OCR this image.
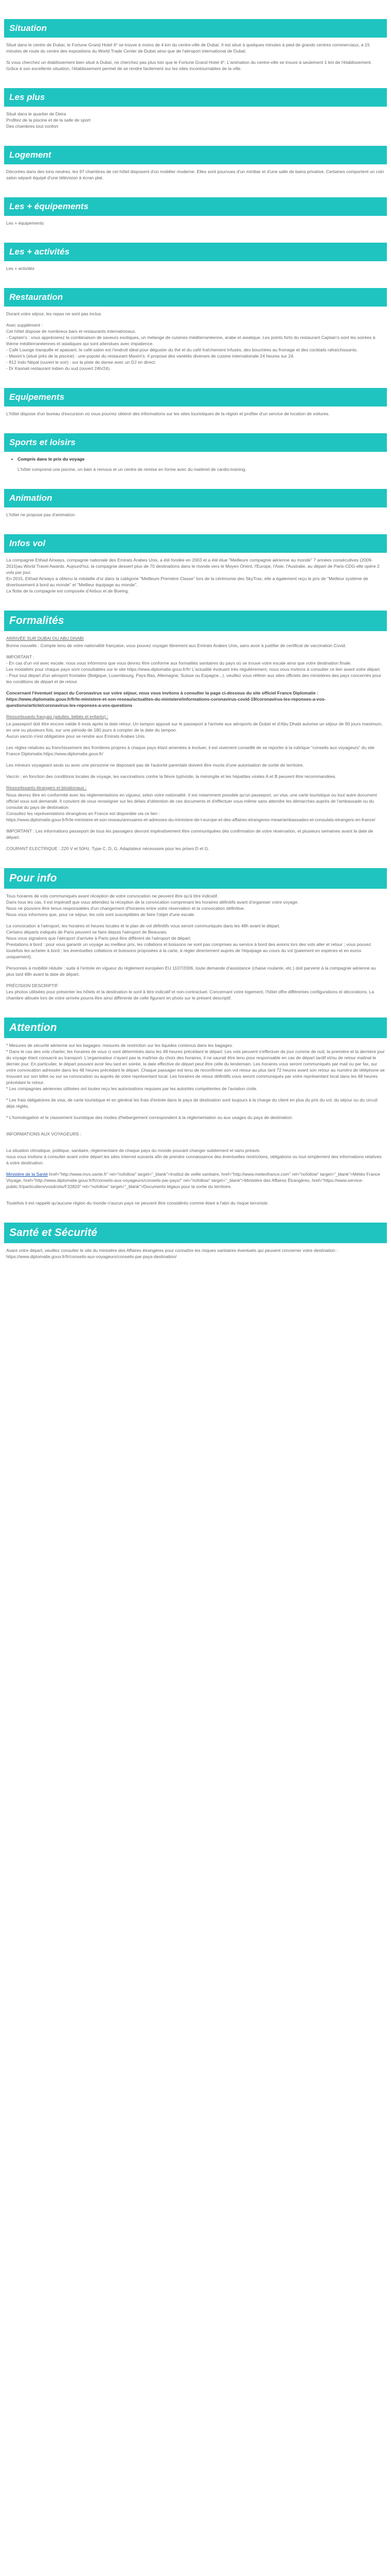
Situation

Situé dans le centre de Dubaï, le Fortune Grand Hotel 4* se trouve à moins de 4 km du centre-ville de Dubaï. Il est situé à quelques minutes à pied de grands centres commerciaux, à 15 minutes de route du centre des expositions du World Trade Center de Dubaï ainsi que de l'aéroport international de Dubaï.

Si vous cherchez un établissement bien situé à Dubaï, ne cherchez pas plus loin que le Fortune Grand Hotel 4*. L'animation du centre-ville se trouve à seulement 1 km de l'établissement. Grâce à son excellente situation, l'établissement permet de se rendre facilement sur les sites incontournables de la ville.

Les plus
Situé dans le quartier de Deira
Profitez de la piscine et de la salle de sport
Des chambres tout confort
Logement

Décorées dans des tons neutres, les 97 chambres de cet hôtel disposent d'un mobilier moderne. Elles sont pourvues d'un minibar et d'une salle de bains privative. Certaines comportent un coin salon séparé équipé d'une télévision à écran plat.

Les + équipements

Les + équipements

Les + activités

Les + activités

Restauration

Durant votre séjour, les repas ne sont pas inclus.

Avec supplément :
Cet hôtel dispose de nombreux bars et restaurants internationaux.
- Captain's : vous apprécierez la combinaison de saveurs exotiques, un mélange de cuisines méditerranéenne, arabe et asiatique. Les points forts du restaurant Captain's sont les soirées à thème méditerranéennes et asiatiques qui sont attendues avec impatience.
- Café Lounge tranquille et apaisant, le café-salon est l'endroit idéal pour déguster du thé et du café fraîchement infusés, des bouchées au fromage et des cocktails rafraîchissants.
- Maxim's (situé près de la piscine) : une popote du restaurant Maxim's. Il propose des variétés diverses de cuisine internationale 24 heures sur 24.
- 812 Indo Népal (ouvert le soir) : sur la piste de danse avec un DJ en direct.
- Dr Kasnali restaurant indien du sud (ouvert 24h/24).

Equipements

L'hôtel dispose d'un bureau d'excursion où vous pourrez obtenir des informations sur les sites touristiques de la région et profiter d'un service de location de voitures.

Sports et loisirs
• Compris dans le prix du voyage

L'hôtel comprend une piscine, un bain à remous et un centre de remise en forme avec du matériel de cardio-training.

Animation

L'hôtel ne propose pas d'animation.

Infos vol

La compagnie Etihad Airways, compagnie nationale des Emirats Arabes Unis, a été fondée en 2003 et a été élue "Meilleure compagnie aérienne au monde" 7 années consécutives (2009-2015)au World Travel Awards. Aujourd'hui, la compagnie dessert plus de 70 destinations dans le monde vers le Moyen Orient, l'Europe, l'Asie, l'Australie, au départ de Paris-CDG elle opère 2 vols par jour.
En 2015, Etihad Airways a obtenu la médaille d'or dans la catégorie "Meilleure Première Classe" lors de la cérémonie des SkyTrax, elle a également reçu le prix de "Meilleur système de divertissement à bord au monde" et "Meilleur équipage au monde".
La flotte de la compagnie est composée d'Airbus et de Boeing.

Formalités

ARRIVÉE SUR DUBAI OU ABU DHABI

Bonne nouvelle : Compte tenu de votre nationalité française, vous pouvez voyager librement aux Emirats Arabes Unis, sans avoir à justifier de certificat de vaccination Covid.

IMPORTANT :
- En cas d'un vol avec escale, nous vous informons que vous devrez être conforme aux formalités sanitaires du pays où se trouve votre escale ainsi que votre destination finale.
Les modalités pour chaque pays sont consultables sur le site https://www.diplomatie.gouv.fr/fr/ L'actualité évoluant très régulièrement, nous vous invitons à consulter ce lien avant votre départ.
- Pour tout départ d'un aéroport frontalier (Belgique, Luxembourg, Pays-Bas, Allemagne, Suisse ou Espagne...), veuillez vous référer aux sites officiels des ministères des pays concernés pour les conditions de départ et de retour.

Concernant l'éventuel impact du Coronavirus sur votre séjour, nous vous invitons à consulter la page ci-dessous du site officiel France Diplomatie :
https://www.diplomatie.gouv.fr/fr/le-ministere-et-son-reseau/actualites-du-ministere/informations-coronavirus-covid-19/coronavirus-les-reponses-a-vos-questions/article/coronavirus-les-reponses-a-vos-questions

Ressortissants français (adultes, bébés et enfants) :

Le passeport doit être encore valide 6 mois après la date retour. Un tampon apposé sur le passeport à l'arrivée aux aéroports de Dubaï et d'Abu Dhabi autorise un séjour de 90 jours maximum, en une ou plusieurs fois, sur une période de 180 jours à compter de la date du tampon.
Aucun vaccin n'est obligatoire pour se rendre aux Emirats Arabes Unis.

Les règles relatives au franchissement des frontières propres à chaque pays étant amenées à évoluer, il est vivement conseillé de se reporter à la rubrique "conseils aux voyageurs" du site France Diplomatie.https://www.diplomatie.gouv.fr/

Les mineurs voyageant seuls ou avec une personne ne disposant pas de l'autorité parentale doivent être munis d'une autorisation de sortie de territoire.

Vaccin : en fonction des conditions locales de voyage, les vaccinations contre la fièvre typhoïde, la méningite et les hépatites virales A et B peuvent être recommandées.

Ressortissants étrangers et binationaux :

Nous devrez être en conformité avec les réglementations en vigueur, selon votre nationalité. Il est notamment possible qu'un passeport, un visa, une carte touristique ou tout autre document officiel vous soit demandé. Il convient de vous renseigner sur les délais d'obtention de ces documents et d'effectuer vous-même sans attendre les démarches auprès de l'ambassade ou du consulat du pays de destination.
Consultez les représentations étrangères en France est disponible via ce lien :
https://www.diplomatie.gouv.fr/fr/le-ministere-et-son-reseau/annuaires-et-adresses-du-ministere-de-l-europe-et-des-affaires-etrangeres-meae/ambassades-et-consulats-etrangers-en-france/

IMPORTANT : Les informations passeport de tous les passagers devront impérativement être communiquées dès confirmation de votre réservation, et plusieurs semaines avant la date de départ.

COURANT ELECTRIQUE : 220 V et 50Hz. Type C, D, G. Adaptateur nécessaire pour les prises D et G.

Pour info

Tous horaires de vols communiqués avant réception de votre convocation ne peuvent être qu'à titre indicatif.
Dans tous les cas, il est impératif que vous attendiez la réception de la convocation comprenant les horaires définitifs avant d'organiser votre voyage.
Nous ne pouvons être tenus responsables d'un changement d'horaires entre votre réservation et la convocation définitive.
Nous vous informons que, pour ce séjour, les vols sont susceptibles de faire l'objet d'une escale.

La convocation à l'aéroport, les horaires et heures locales et le plan de vol définitifs vous seront communiqués dans les 48h avant le départ.
Certains départs indiqués de Paris peuvent se faire depuis l'aéroport de Beauvais.
Nous vous signalons que l'aéroport d'arrivée à Paris peut être différent de l'aéroport de départ.
Prestations à bord : pour vous garantir un voyage au meilleur prix, les collations et boissons ne sont pas comprises au service à bord des avions lors des vols aller et retour ; vous pouvez toutefois les acheter à bord ; les éventuelles collations et boissons proposées à la carte, à régler directement auprès de l'équipage au cours du vol (paiement en espèces et en euros uniquement).

Personnes à mobilité réduite : suite à l'entrée en vigueur du règlement européen EU 1107/2006, toute demande d'assistance (chaise roulante, etc.) doit parvenir à la compagnie aérienne au plus tard 48h avant la date de départ.

PRÉCISION DESCRIPTIF
Les photos utilisées pour présenter les hôtels et la destination le sont à titre indicatif et non-contractuel. Concernant votre logement, l'hôtel offre différentes configurations et décorations. La chambre allouée lors de votre arrivée pourra être ainsi différente de celle figurant en photo sur le présent descriptif.

Attention

* Mesures de sécurité aérienne sur les bagages: mesures de restriction sur les liquides contenus dans les bagages.
* Dans le cas des vols charter, les horaires de vous ci sont déterminés dans les 48 heures précédant le départ. Les vols peuvent s'effectuer de jour comme de nuit, la première et la dernière jour du voyage étant consacré au transport. L'organisateur n'ayant pas la maîtrise du choix des horaires, il ne saurait être tenu pour responsable en cas de départ tardif et/ou de retour matinal le dernier jour. En particulier, le départ pouvant avoir lieu tard en soirée, la date effective de départ peut être celle du lendemain. Les horaires vous seront communiqués par mail ou par fax, sur votre convocation adressée dans les 48 heures précédant le départ. Chaque passager est tenu de reconfirmer son vol retour au plus tard 72 heures avant son retour au numéro de téléphone se trouvant sur son billet ou sur sa convocation ou auprès de votre représentant local. Les horaires de retour définitifs vous seront communiqués par votre représentant local dans les 48 heures précédant le retour.
* Les compagnies aériennes utilisées ont toutes reçu les autorisations requises par les autorités compétentes de l'aviation civile.

* Les frais obligatoires de visa, de carte touristique et en général les frais d'entrée dans le pays de destination sont toujours à la charge du client en plus du prix du vol, du séjour ou du circuit déjà réglés.

* L'homologation et le classement touristique des modes d'hébergement correspondent à la réglementation ou aux usages du pays de destination.

INFORMATIONS AUX VOYAGEURS :

La situation climatique, politique, sanitaire, réglementaire de chaque pays du monde pouvant changer subitement et sans préavis
nous vous invitons à consulter avant votre départ les sites Internet suivants afin de prendre connaissance des éventuelles restrictions, obligations ou tout simplement des informations relatives à votre destination.

Ministère de la Santé href="http://www.mvs.sante.fr" rel="nofollow" target="_blank">Institut de veille sanitaire, href="http://www.meteofrance.com" rel="nofollow" target="_blank">Météo France Voyage, href="http://www.diplomatie.gouv.fr/fr/conseils-aux-voyageurs/conseils-par-pays/" rel="nofollow" target="_blank">Ministère des Affaires Étrangères, href="https://www.service-public.fr/particuliers/vosdroits/F32820" rel="nofollow" target="_blank">Documents légaux pour la sortie du territoire.

Toutefois il est rappelé qu'aucune région du monde n'aucun pays ne peuvent être considérés comme étant à l'abri du risque terroriste.

Santé et Sécurité

Avant votre départ, veuillez consulter le site du ministère des Affaires étrangères pour connaître les risques sanitaires éventuels qui peuvent concerner votre destination : https://www.diplomatie.gouv.fr/fr/conseils-aux-voyageurs/conseils-par-pays-destination/
